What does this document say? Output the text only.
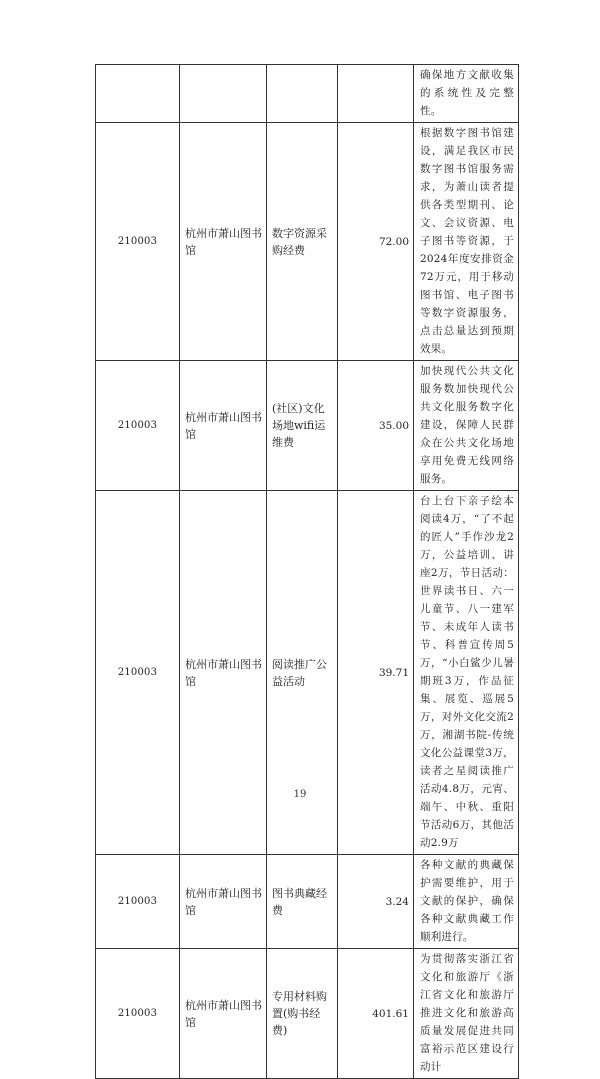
				确保地方文献收集的系统性及完整性。
210003	杭州市萧山图书馆	数字资源采购经费	72.00	根据数字图书馆建设，满足我区市民数字图书馆服务需求，为萧山读者提供各类型期刊、论文、会议资源、电子图书等资源，于2024年度安排资金72万元，用于移动图书馆、电子图书等数字资源服务，点击总量达到预期效果。
210003	杭州市萧山图书馆	(社区)文化场地wifi运维费	35.00	加快现代公共文化服务数加快现代公共文化服务数字化建设，保障人民群众在公共文化场地享用免费无线网络服务。
210003	杭州市萧山图书馆	阅读推广公益活动	39.71	台上台下亲子绘本阅读4万，“了不起的匠人”手作沙龙2万，公益培训、讲座2万，节日活动：世界读书日、六一儿童节、八一建军节、未成年人读书节、科普宣传周5万，“小白鲨少儿暑期班3万，作品征集、展览、巡展5万，对外文化交流2万，湘湖书院-传统文化公益课堂3万，读者之星阅读推广活动4.8万，元宵、端午、中秋、重阳节活动6万，其他活动2.9万
210003	杭州市萧山图书馆	图书典藏经费	3.24	各种文献的典藏保护需要维护，用于文献的保护，确保各种文献典藏工作顺利进行。
210003	杭州市萧山图书馆	专用材料购置(购书经费)	401.61	为贯彻落实浙江省文化和旅游厅《浙江省文化和旅游厅推进文化和旅游高质量发展促进共同富裕示范区建设行动计
19
